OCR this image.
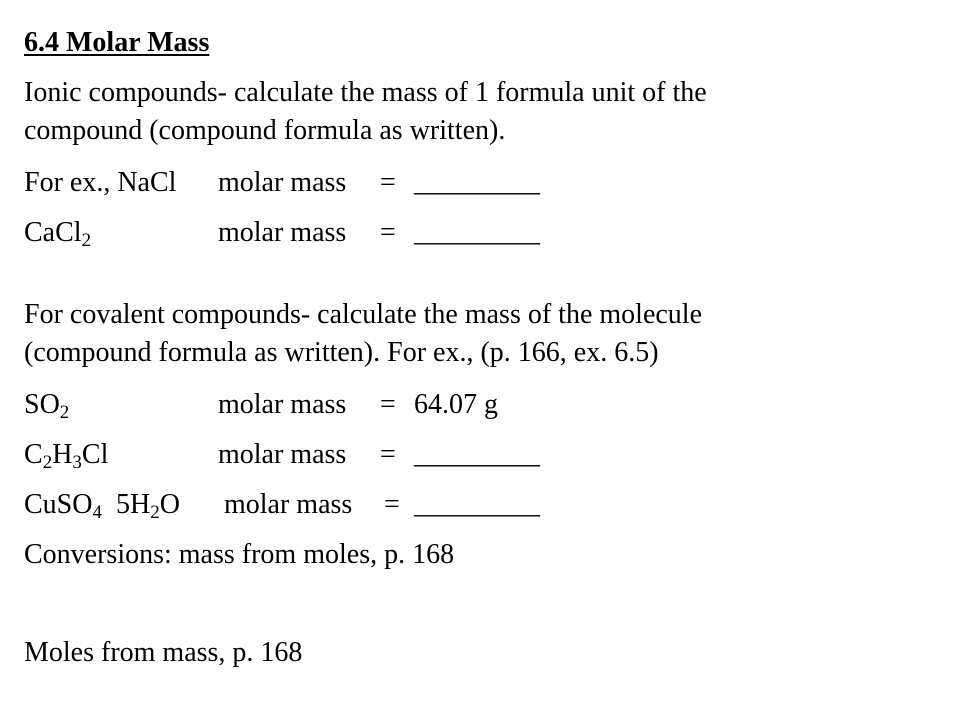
6.4 Molar Mass
Ionic compounds- calculate the mass of 1 formula unit of the
compound (compound formula as written).
For ex., NaCl molar mass = _________
CaCl$_2$	molar mass = _________
For covalent compounds- calculate the mass of the molecule
(compound formula as written). For ex., (p. 166, ex. 6.5)
$SO_2$	molar mass = 64.07 g
$C_2H_3Cl$	molar mass = _________
CuSO$_4$ $5H_2O$ molar mass = _________
Conversions: mass from moles, p. 168
Moles from mass, p. 168
